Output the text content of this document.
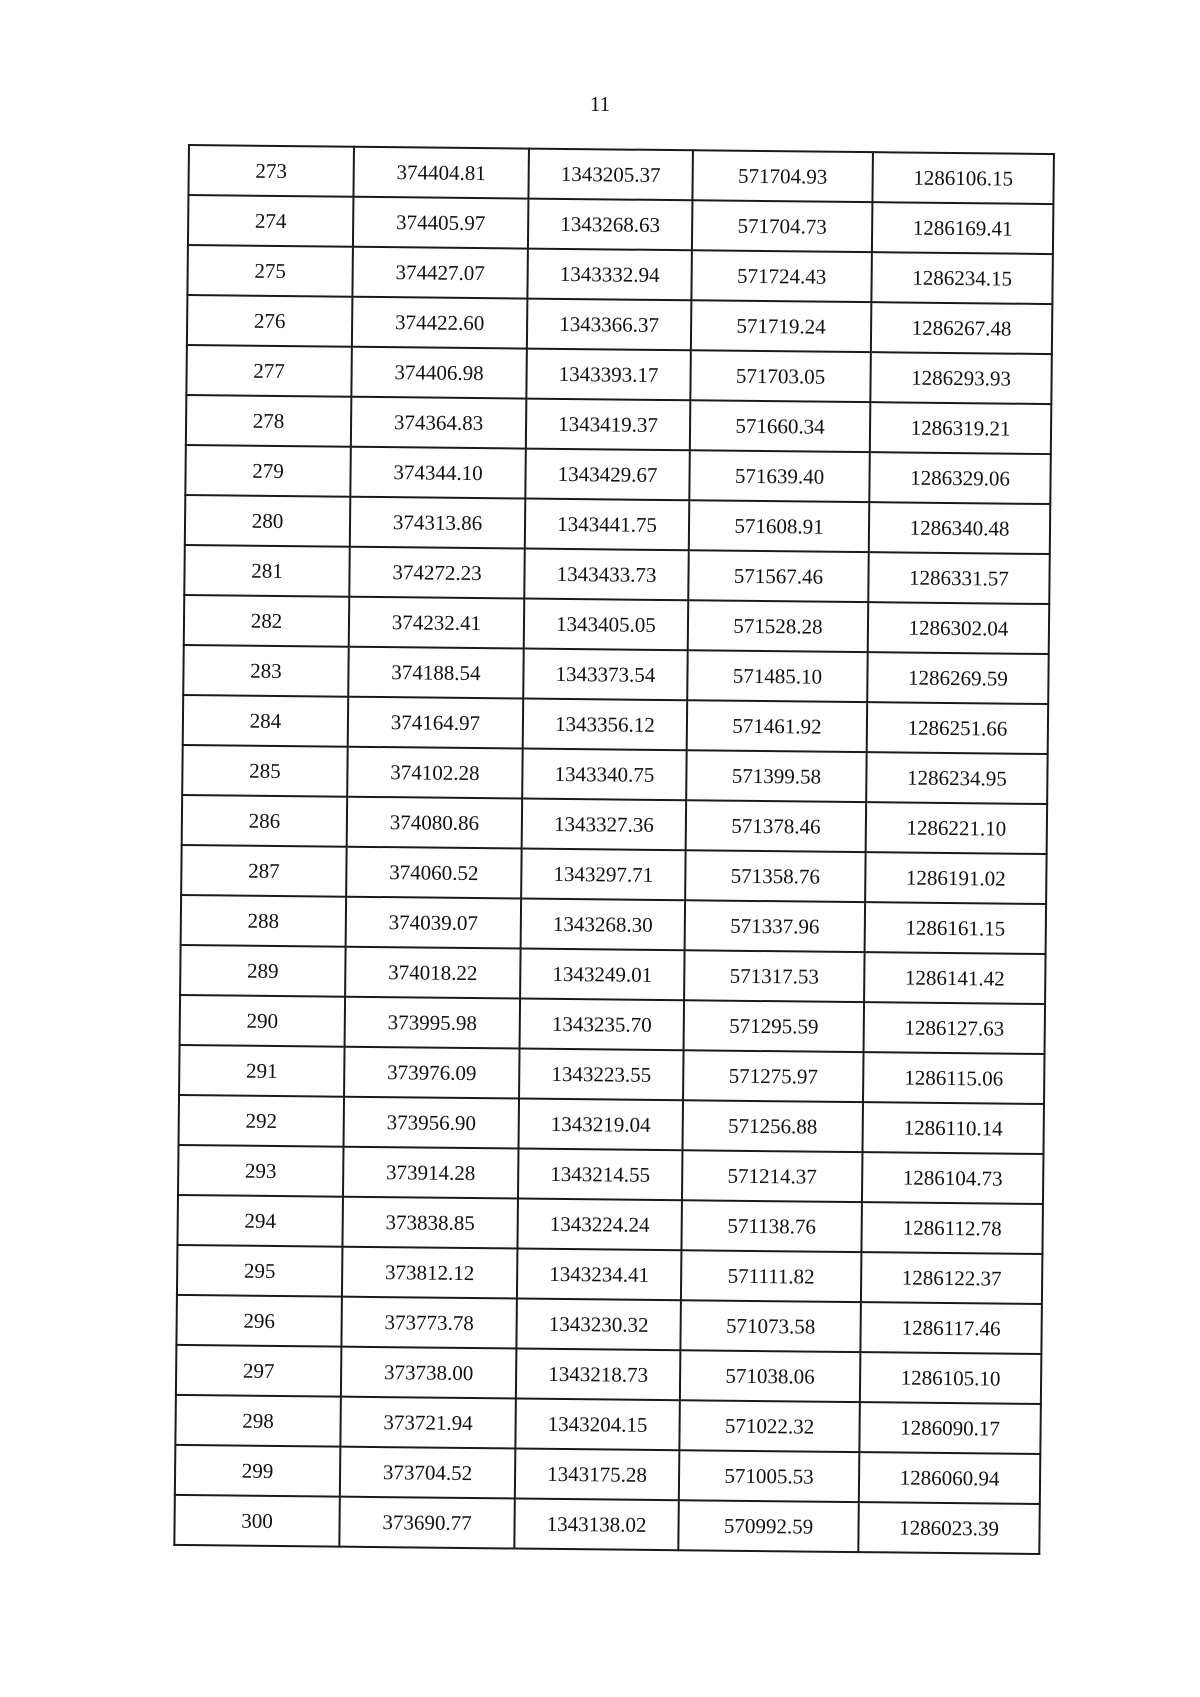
11
273	374404.81	1343205.37	571704.93	1286106.15
274	374405.97	1343268.63	571704.73	1286169.41
275	374427.07	1343332.94	571724.43	1286234.15
276	374422.60	1343366.37	571719.24	1286267.48
277	374406.98	1343393.17	571703.05	1286293.93
278	374364.83	1343419.37	571660.34	1286319.21
279	374344.10	1343429.67	571639.40	1286329.06
280	374313.86	1343441.75	571608.91	1286340.48
281	374272.23	1343433.73	571567.46	1286331.57
282	374232.41	1343405.05	571528.28	1286302.04
283	374188.54	1343373.54	571485.10	1286269.59
284	374164.97	1343356.12	571461.92	1286251.66
285	374102.28	1343340.75	571399.58	1286234.95
286	374080.86	1343327.36	571378.46	1286221.10
287	374060.52	1343297.71	571358.76	1286191.02
288	374039.07	1343268.30	571337.96	1286161.15
289	374018.22	1343249.01	571317.53	1286141.42
290	373995.98	1343235.70	571295.59	1286127.63
291	373976.09	1343223.55	571275.97	1286115.06
292	373956.90	1343219.04	571256.88	1286110.14
293	373914.28	1343214.55	571214.37	1286104.73
294	373838.85	1343224.24	571138.76	1286112.78
295	373812.12	1343234.41	571111.82	1286122.37
296	373773.78	1343230.32	571073.58	1286117.46
297	373738.00	1343218.73	571038.06	1286105.10
298	373721.94	1343204.15	571022.32	1286090.17
299	373704.52	1343175.28	571005.53	1286060.94
300	373690.77	1343138.02	570992.59	1286023.39
